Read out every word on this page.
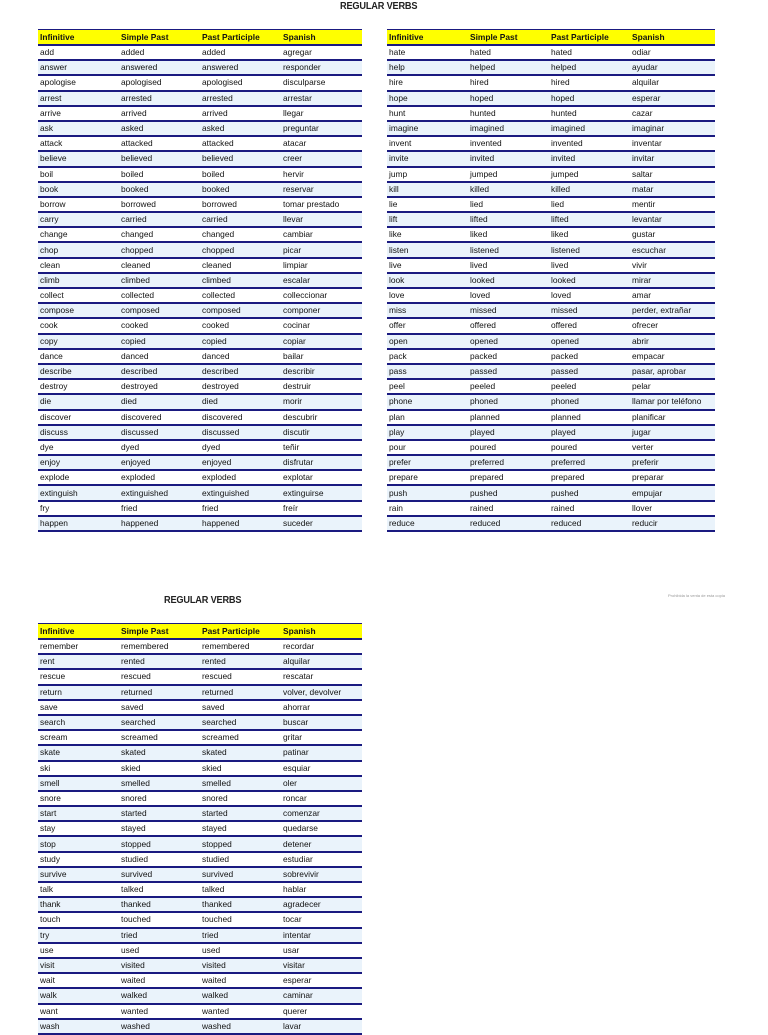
REGULAR VERBS
Infinitive	Simple Past	Past Participle	Spanish
add	added	added	agregar
answer	answered	answered	responder
apologise	apologised	apologised	disculparse
arrest	arrested	arrested	arrestar
arrive	arrived	arrived	llegar
ask	asked	asked	preguntar
attack	attacked	attacked	atacar
believe	believed	believed	creer
boil	boiled	boiled	hervir
book	booked	booked	reservar
borrow	borrowed	borrowed	tomar prestado
carry	carried	carried	llevar
change	changed	changed	cambiar
chop	chopped	chopped	picar
clean	cleaned	cleaned	limpiar
climb	climbed	climbed	escalar
collect	collected	collected	colleccionar
compose	composed	composed	componer
cook	cooked	cooked	cocinar
copy	copied	copied	copiar
dance	danced	danced	bailar
describe	described	described	describir
destroy	destroyed	destroyed	destruir
die	died	died	morir
discover	discovered	discovered	descubrir
discuss	discussed	discussed	discutir
dye	dyed	dyed	teñir
enjoy	enjoyed	enjoyed	disfrutar
explode	exploded	exploded	explotar
extinguish	extinguished	extinguished	extinguirse
fry	fried	fried	freír
happen	happened	happened	suceder
Infinitive	Simple Past	Past Participle	Spanish
hate	hated	hated	odiar
help	helped	helped	ayudar
hire	hired	hired	alquilar
hope	hoped	hoped	esperar
hunt	hunted	hunted	cazar
imagine	imagined	imagined	imaginar
invent	invented	invented	inventar
invite	invited	invited	invitar
jump	jumped	jumped	saltar
kill	killed	killed	matar
lie	lied	lied	mentir
lift	lifted	lifted	levantar
like	liked	liked	gustar
listen	listened	listened	escuchar
live	lived	lived	vivir
look	looked	looked	mirar
love	loved	loved	amar
miss	missed	missed	perder, extrañar
offer	offered	offered	ofrecer
open	opened	opened	abrir
pack	packed	packed	empacar
pass	passed	passed	pasar, aprobar
peel	peeled	peeled	pelar
phone	phoned	phoned	llamar por teléfono
plan	planned	planned	planificar
play	played	played	jugar
pour	poured	poured	verter
prefer	preferred	preferred	preferir
prepare	prepared	prepared	preparar
push	pushed	pushed	empujar
rain	rained	rained	llover
reduce	reduced	reduced	reducir
REGULAR VERBS	Prohibida la venta de esta copia
Infinitive	Simple Past	Past Participle	Spanish
remember	remembered	remembered	recordar
rent	rented	rented	alquilar
rescue	rescued	rescued	rescatar
return	returned	returned	volver, devolver
save	saved	saved	ahorrar
search	searched	searched	buscar
scream	screamed	screamed	gritar
skate	skated	skated	patinar
ski	skied	skied	esquiar
smell	smelled	smelled	oler
snore	snored	snored	roncar
start	started	started	comenzar
stay	stayed	stayed	quedarse
stop	stopped	stopped	detener
study	studied	studied	estudiar
survive	survived	survived	sobrevivir
talk	talked	talked	hablar
thank	thanked	thanked	agradecer
touch	touched	touched	tocar
try	tried	tried	intentar
use	used	used	usar
visit	visited	visited	visitar
wait	waited	waited	esperar
walk	walked	walked	caminar
want	wanted	wanted	querer
wash	washed	washed	lavar
